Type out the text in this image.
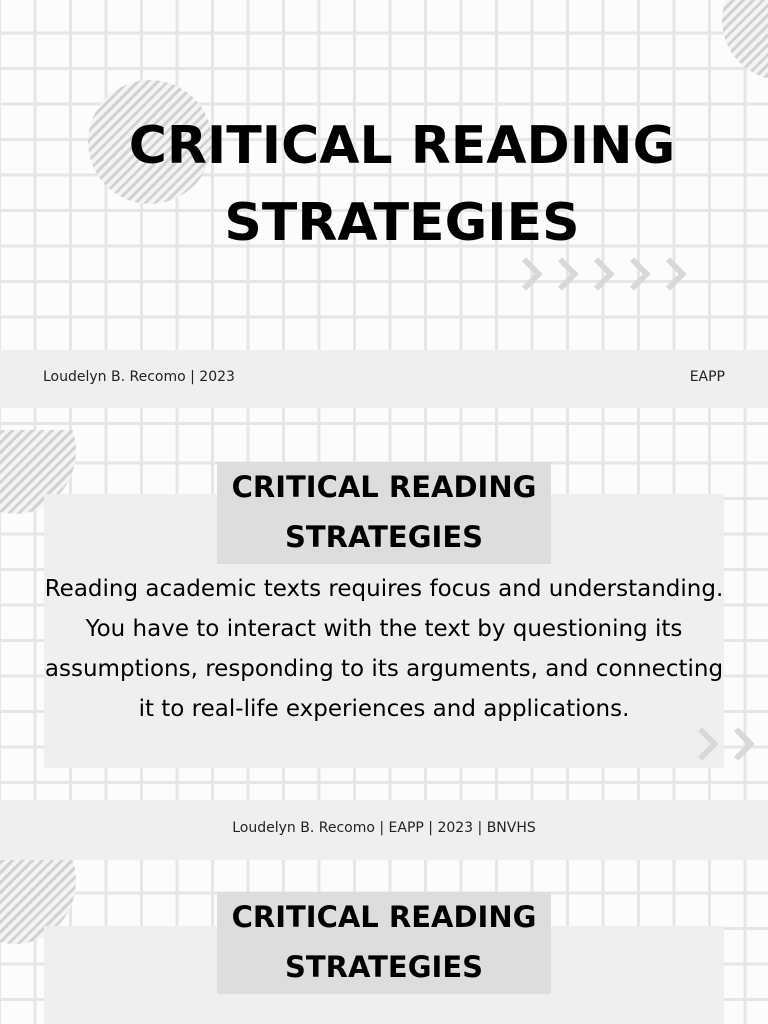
CRITICAL READING
STRATEGIES
Loudelyn B. Recomo | 2023	EAPP
CRITICAL READING
STRATEGIES

Reading academic texts requires focus and understanding. You have to interact with the text by questioning its assumptions, responding to its arguments, and connecting it to real-life experiences and applications.

Loudelyn B. Recomo | EAPP | 2023 | BNVHS
CRITICAL READING
STRATEGIES
